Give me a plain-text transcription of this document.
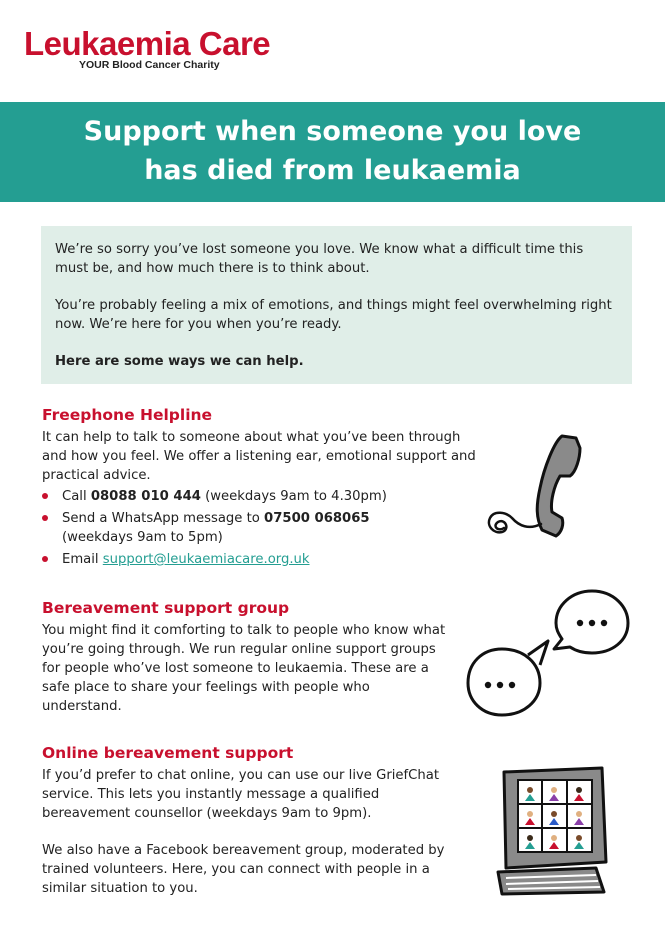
Leukaemia Care
YOUR Blood Cancer Charity
Support when someone you love
has died from leukaemia

We’re so sorry you’ve lost someone you love. We know what a difficult time this must be, and how much there is to think about.

You’re probably feeling a mix of emotions, and things might feel overwhelming right now. We’re here for you when you’re ready.

Here are some ways we can help.

Freephone Helpline

It can help to talk to someone about what you’ve been through and how you feel. We offer a listening ear, emotional support and practical advice.

Call 08088 010 444 (weekdays 9am to 4.30pm)
Send a WhatsApp message to 07500 068065
(weekdays 9am to 5pm)
Email support@leukaemiacare.org.uk
Bereavement support group

You might find it comforting to talk to people who know what you’re going through. We run regular online support groups for people who’ve lost someone to leukaemia. These are a safe place to share your feelings with people who understand.

Online bereavement support

If you’d prefer to chat online, you can use our live GriefChat service. This lets you instantly message a qualified bereavement counsellor (weekdays 9am to 9pm).

We also have a Facebook bereavement group, moderated by trained volunteers. Here, you can connect with people in a similar situation to you.
